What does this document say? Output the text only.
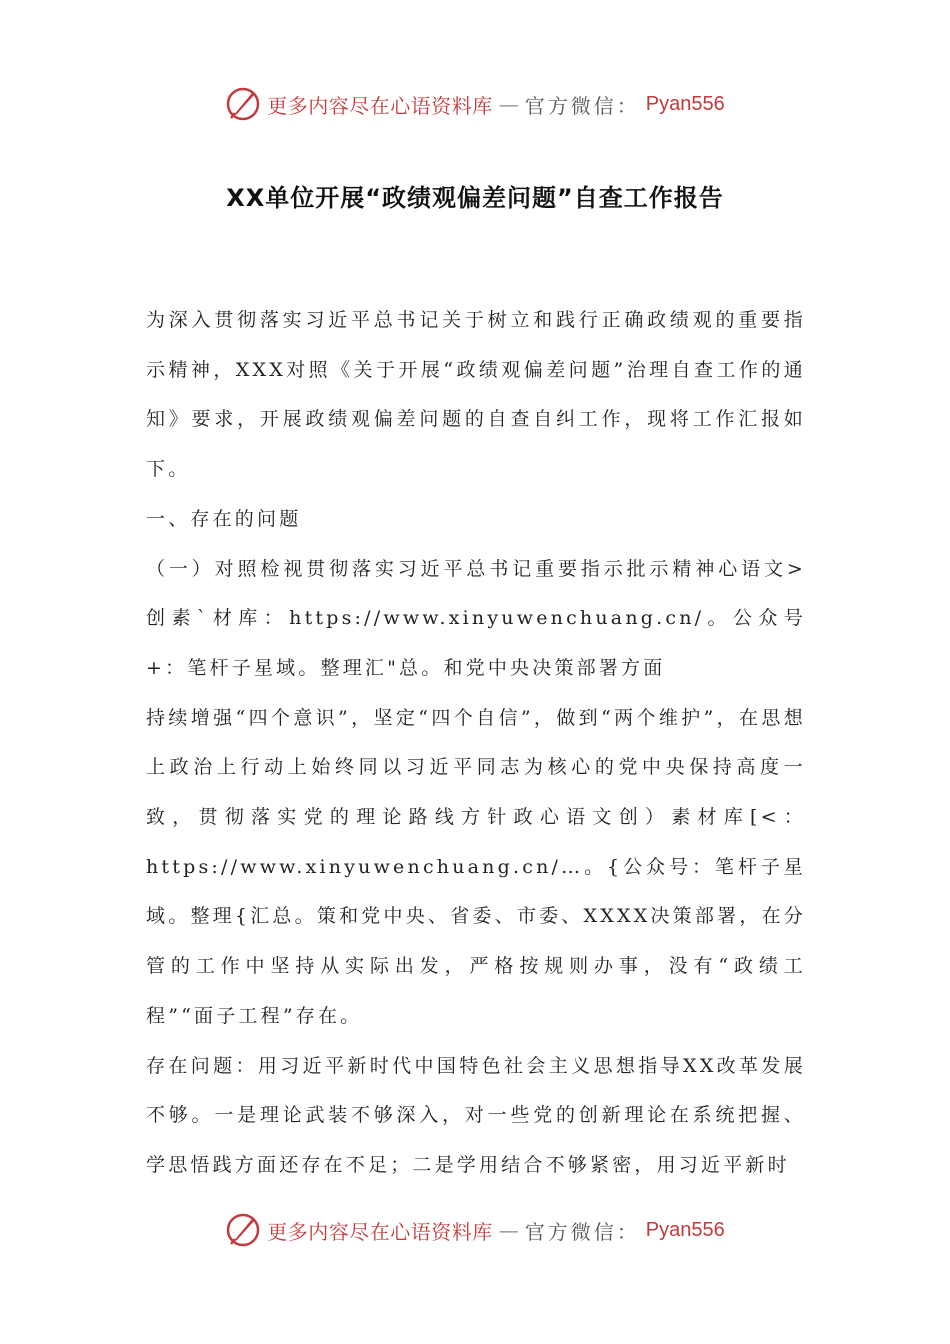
更多内容尽在心语资料库 — 官方微信： Pyan556
XX单位开展“政绩观偏差问题”自查工作报告

为深入贯彻落实习近平总书记关于树立和践行正确政绩观的重要指示精神，XXX对照《关于开展“政绩观偏差问题”治理自查工作的通知》要求，开展政绩观偏差问题的自查自纠工作，现将工作汇报如下。

一、存在的问题

（一）对照检视贯彻落实习近平总书记重要指示批示精神心语文>创素`材库：https://www.xinyuwenchuang.cn/。公众号+：笔杆子星域。整理汇"总。和党中央决策部署方面

持续增强“四个意识”，坚定“四个自信”，做到“两个维护”，在思想上政治上行动上始终同以习近平同志为核心的党中央保持高度一致，贯彻落实党的理论路线方针政心语文创）素材库[<：https://www.xinyuwenchuang.cn/…。{公众号：笔杆子星域。整理{汇总。策和党中央、省委、市委、XXXX决策部署，在分管的工作中坚持从实际出发，严格按规则办事，没有“政绩工程”“面子工程”存在。

存在问题：用习近平新时代中国特色社会主义思想指导XX改革发展不够。一是理论武装不够深入，对一些党的创新理论在系统把握、学思悟践方面还存在不足；二是学用结合不够紧密，用习近平新时

更多内容尽在心语资料库 — 官方微信： Pyan556
